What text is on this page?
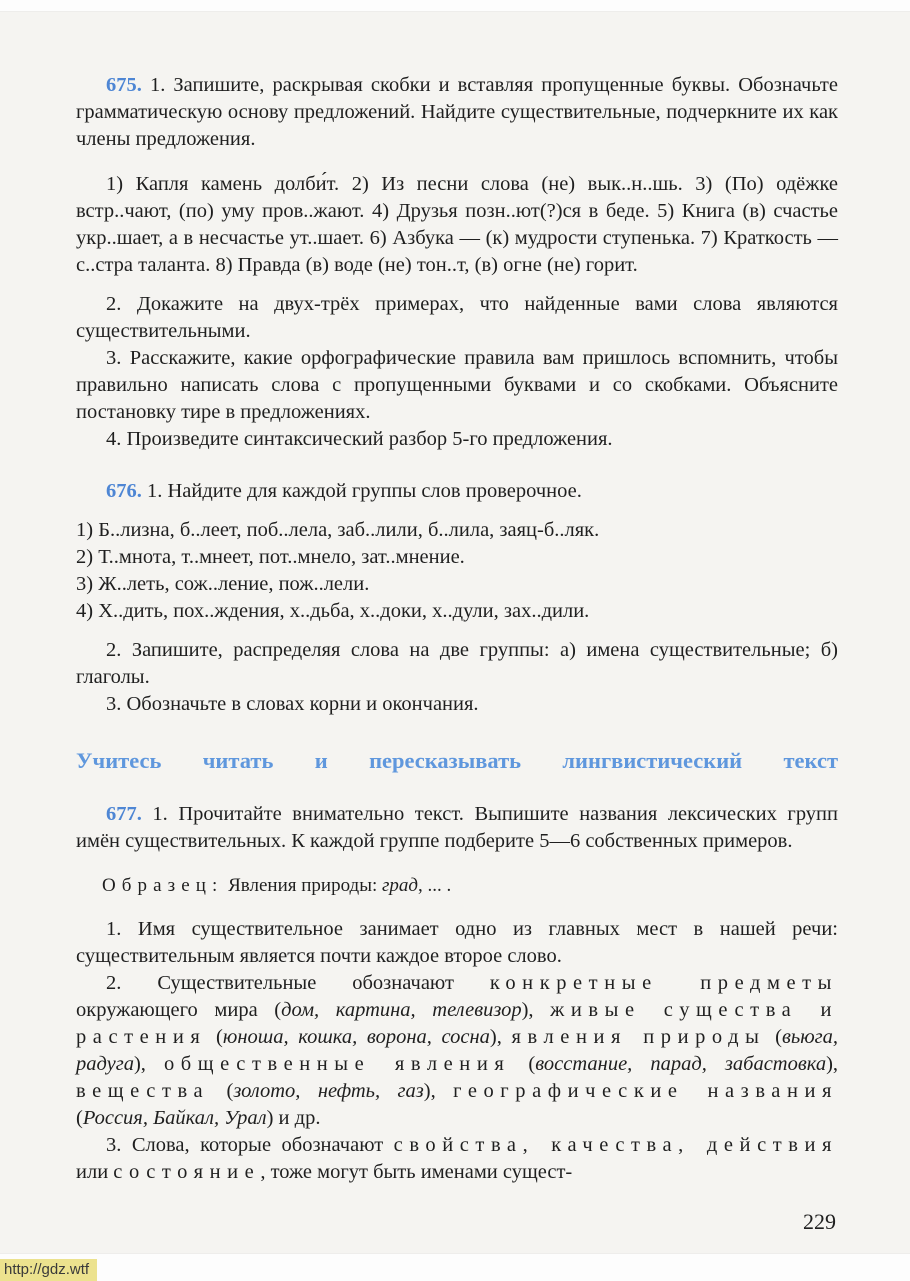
675. 1. Запишите, раскрывая скобки и вставляя пропущенные буквы. Обозначьте грамматическую основу предложений. Найдите существительные, подчеркните их как члены предложения.

1) Капля камень долби́т. 2) Из песни слова (не) вык..н..шь. 3) (По) одёжке встр..чают, (по) уму пров..жают. 4) Друзья позн..ют(?)ся в беде. 5) Книга (в) счастье укр..шает, а в несчастье ут..шает. 6) Азбука — (к) мудрости ступенька. 7) Краткость — с..стра таланта. 8) Правда (в) воде (не) тон..т, (в) огне (не) горит.

2. Докажите на двух-трёх примерах, что найденные вами слова являются существительными.

3. Расскажите, какие орфографические правила вам пришлось вспомнить, чтобы правильно написать слова с пропущенными буквами и со скобками. Объясните постановку тире в предложениях.

4. Произведите синтаксический разбор 5-го предложения.

676. 1. Найдите для каждой группы слов проверочное.

1) Б..лизна, б..леет, поб..лела, заб..лили, б..лила, заяц-б..ляк.

2) Т..мнота, т..мнеет, пот..мнело, зат..мнение.

3) Ж..леть, сож..ление, пож..лели.

4) Х..дить, пох..ждения, х..дьба, х..доки, х..дули, зах..дили.

2. Запишите, распределяя слова на две группы: а) имена существительные; б) глаголы.

3. Обозначьте в словах корни и окончания.

Учитесь читать и пересказывать лингвистический текст

677. 1. Прочитайте внимательно текст. Выпишите названия лексических групп имён существительных. К каждой группе подберите 5—6 собственных примеров.

Образец: Явления природы: град, ... .

1. Имя существительное занимает одно из главных мест в нашей речи: существительным является почти каждое второе слово.

2. Существительные обозначают конкретные предметы окружающего мира (дом, картина, телевизор), живые существа и растения (юноша, кошка, ворона, сосна), явления природы (вьюга, радуга), общественные явления (восстание, парад, забастовка), вещества (золото, нефть, газ), географические названия (Россия, Байкал, Урал) и др.

3. Слова, которые обозначают свойства, качества, действия или состояние, тоже могут быть именами сущест-

229

http://gdz.wtf
